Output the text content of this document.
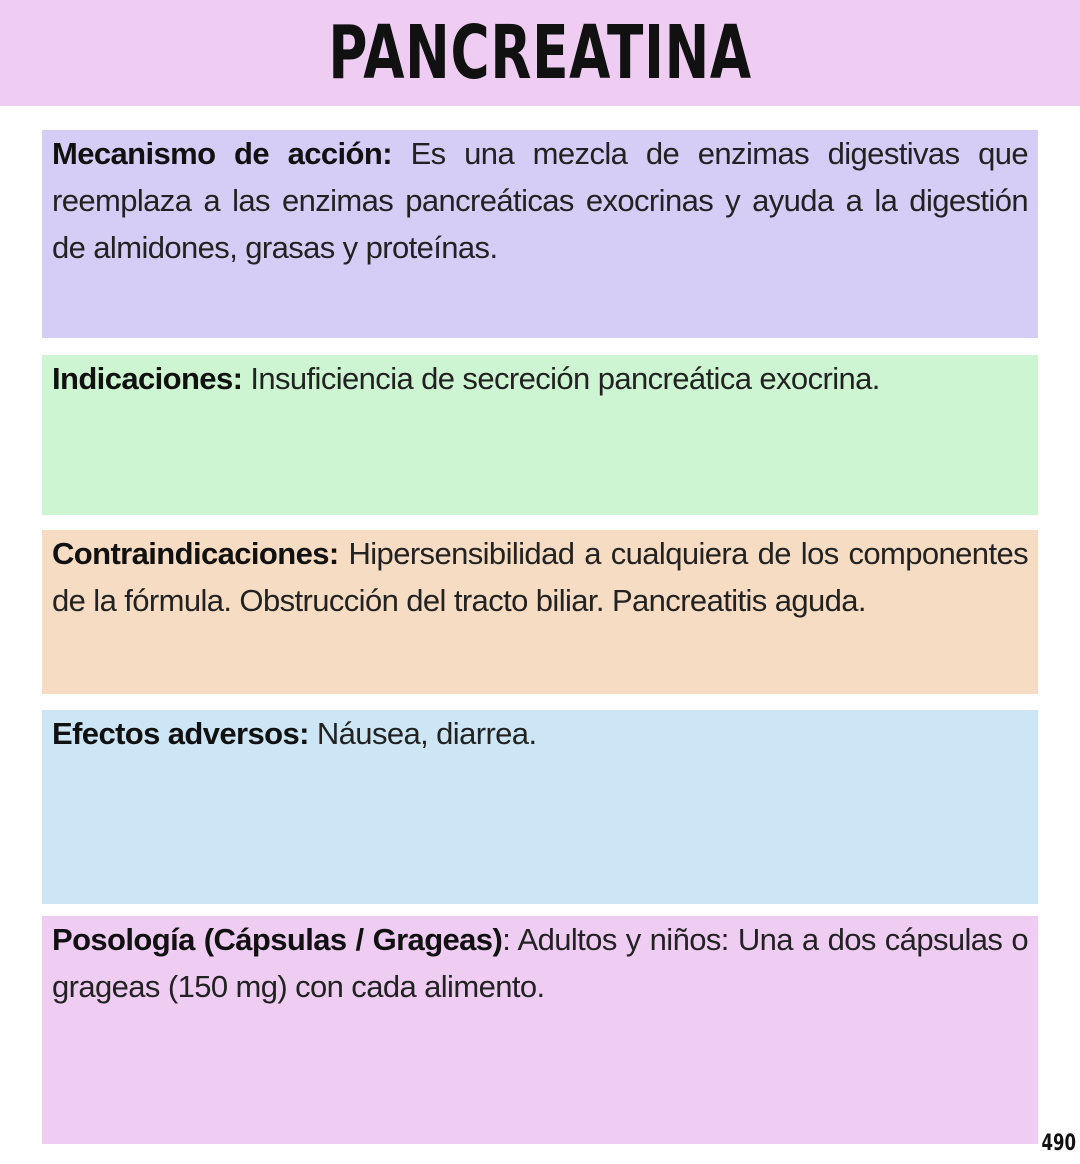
PANCREATINA

Mecanismo de acción: Es una mezcla de enzimas digestivas que reemplaza a las enzimas pancreáticas exocrinas y ayuda a la digestión de almidones, grasas y proteínas.

Indicaciones: Insuficiencia de secreción pancreática exocrina.

Contraindicaciones: Hipersensibilidad a cualquiera de los componentes de la fórmula. Obstrucción del tracto biliar. Pancreatitis aguda.

Efectos adversos: Náusea, diarrea.

Posología (Cápsulas / Grageas): Adultos y niños: Una a dos cápsulas o grageas (150 mg) con cada alimento.

490
